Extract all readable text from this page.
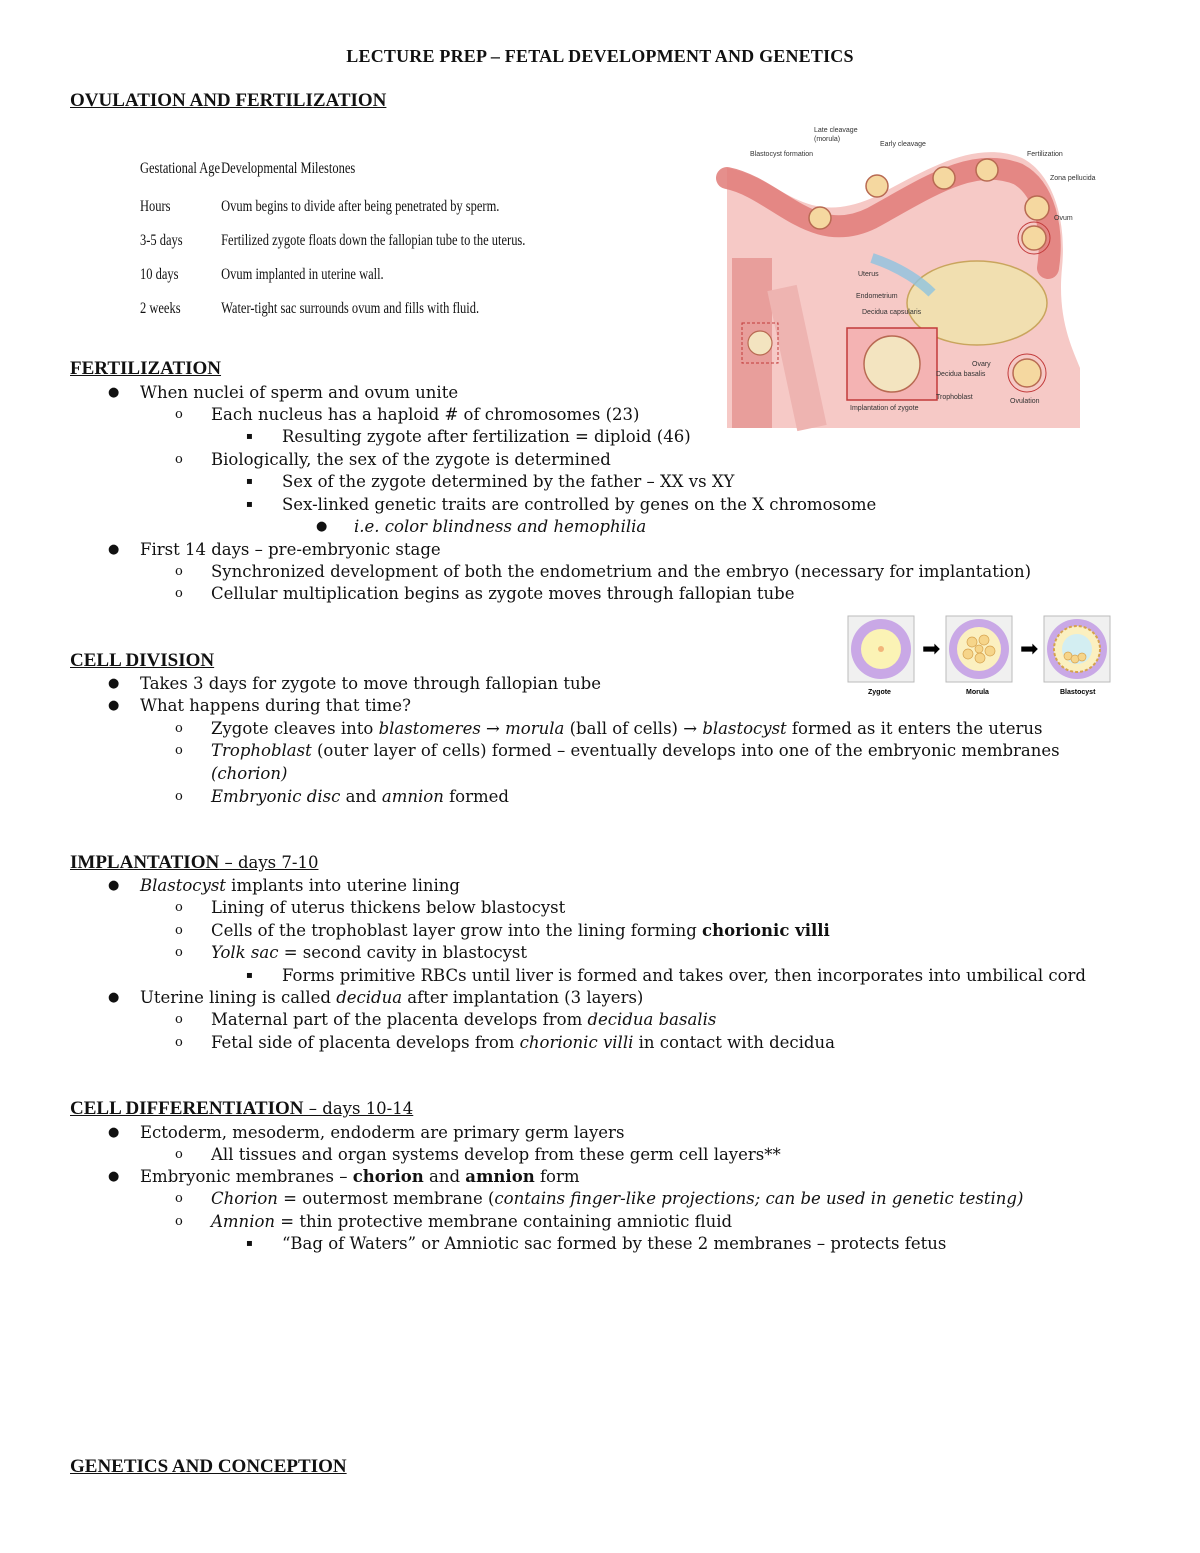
LECTURE PREP – FETAL DEVELOPMENT AND GENETICS
OVULATION AND FERTILIZATION
Gestational Age Developmental Milestones
Hours	Ovum begins to divide after being penetrated by sperm.
3-5 days	Fertilized zygote floats down the fallopian tube to the uterus.
10 days	Ovum implanted in uterine wall.
2 weeks	Water-tight sac surrounds ovum and fills with fluid.
Late cleavage
(morula)
Early cleavage
Blastocyst formation	Fertilization
Zona pellucida
Ovum
Uterus
Endometrium
Decidua capsularis
Ovary
Decidua basalis
Trophoblast
Ovulation
Implantation of zygote
FERTILIZATION
● When nuclei of sperm and ovum unite
o Each nucleus has a haploid # of chromosomes (23)
▪ Resulting zygote after fertilization = diploid (46)
o Biologically, the sex of the zygote is determined
▪ Sex of the zygote determined by the father – XX vs XY
▪ Sex-linked genetic traits are controlled by genes on the X chromosome
● i.e. color blindness and hemophilia
● First 14 days – pre-embryonic stage
o Synchronized development of both the endometrium and the embryo (necessary for implantation)
o Cellular multiplication begins as zygote moves through fallopian tube
➡	➡
Zygote	Morula	Blastocyst
CELL DIVISION
● Takes 3 days for zygote to move through fallopian tube
● What happens during that time?
o Zygote cleaves into blastomeres → morula (ball of cells) → blastocyst formed as it enters the uterus
o Trophoblast (outer layer of cells) formed – eventually develops into one of the embryonic membranes
(chorion)
o Embryonic disc and amnion formed
IMPLANTATION – days 7-10
● Blastocyst implants into uterine lining
o Lining of uterus thickens below blastocyst
o Cells of the trophoblast layer grow into the lining forming chorionic villi
o Yolk sac = second cavity in blastocyst
▪ Forms primitive RBCs until liver is formed and takes over, then incorporates into umbilical cord
● Uterine lining is called decidua after implantation (3 layers)
o Maternal part of the placenta develops from decidua basalis
o Fetal side of placenta develops from chorionic villi in contact with decidua
CELL DIFFERENTIATION – days 10-14
● Ectoderm, mesoderm, endoderm are primary germ layers
o All tissues and organ systems develop from these germ cell layers**
● Embryonic membranes – chorion and amnion form
o Chorion = outermost membrane (contains finger-like projections; can be used in genetic testing)
o Amnion = thin protective membrane containing amniotic fluid
▪ “Bag of Waters” or Amniotic sac formed by these 2 membranes – protects fetus
GENETICS AND CONCEPTION
